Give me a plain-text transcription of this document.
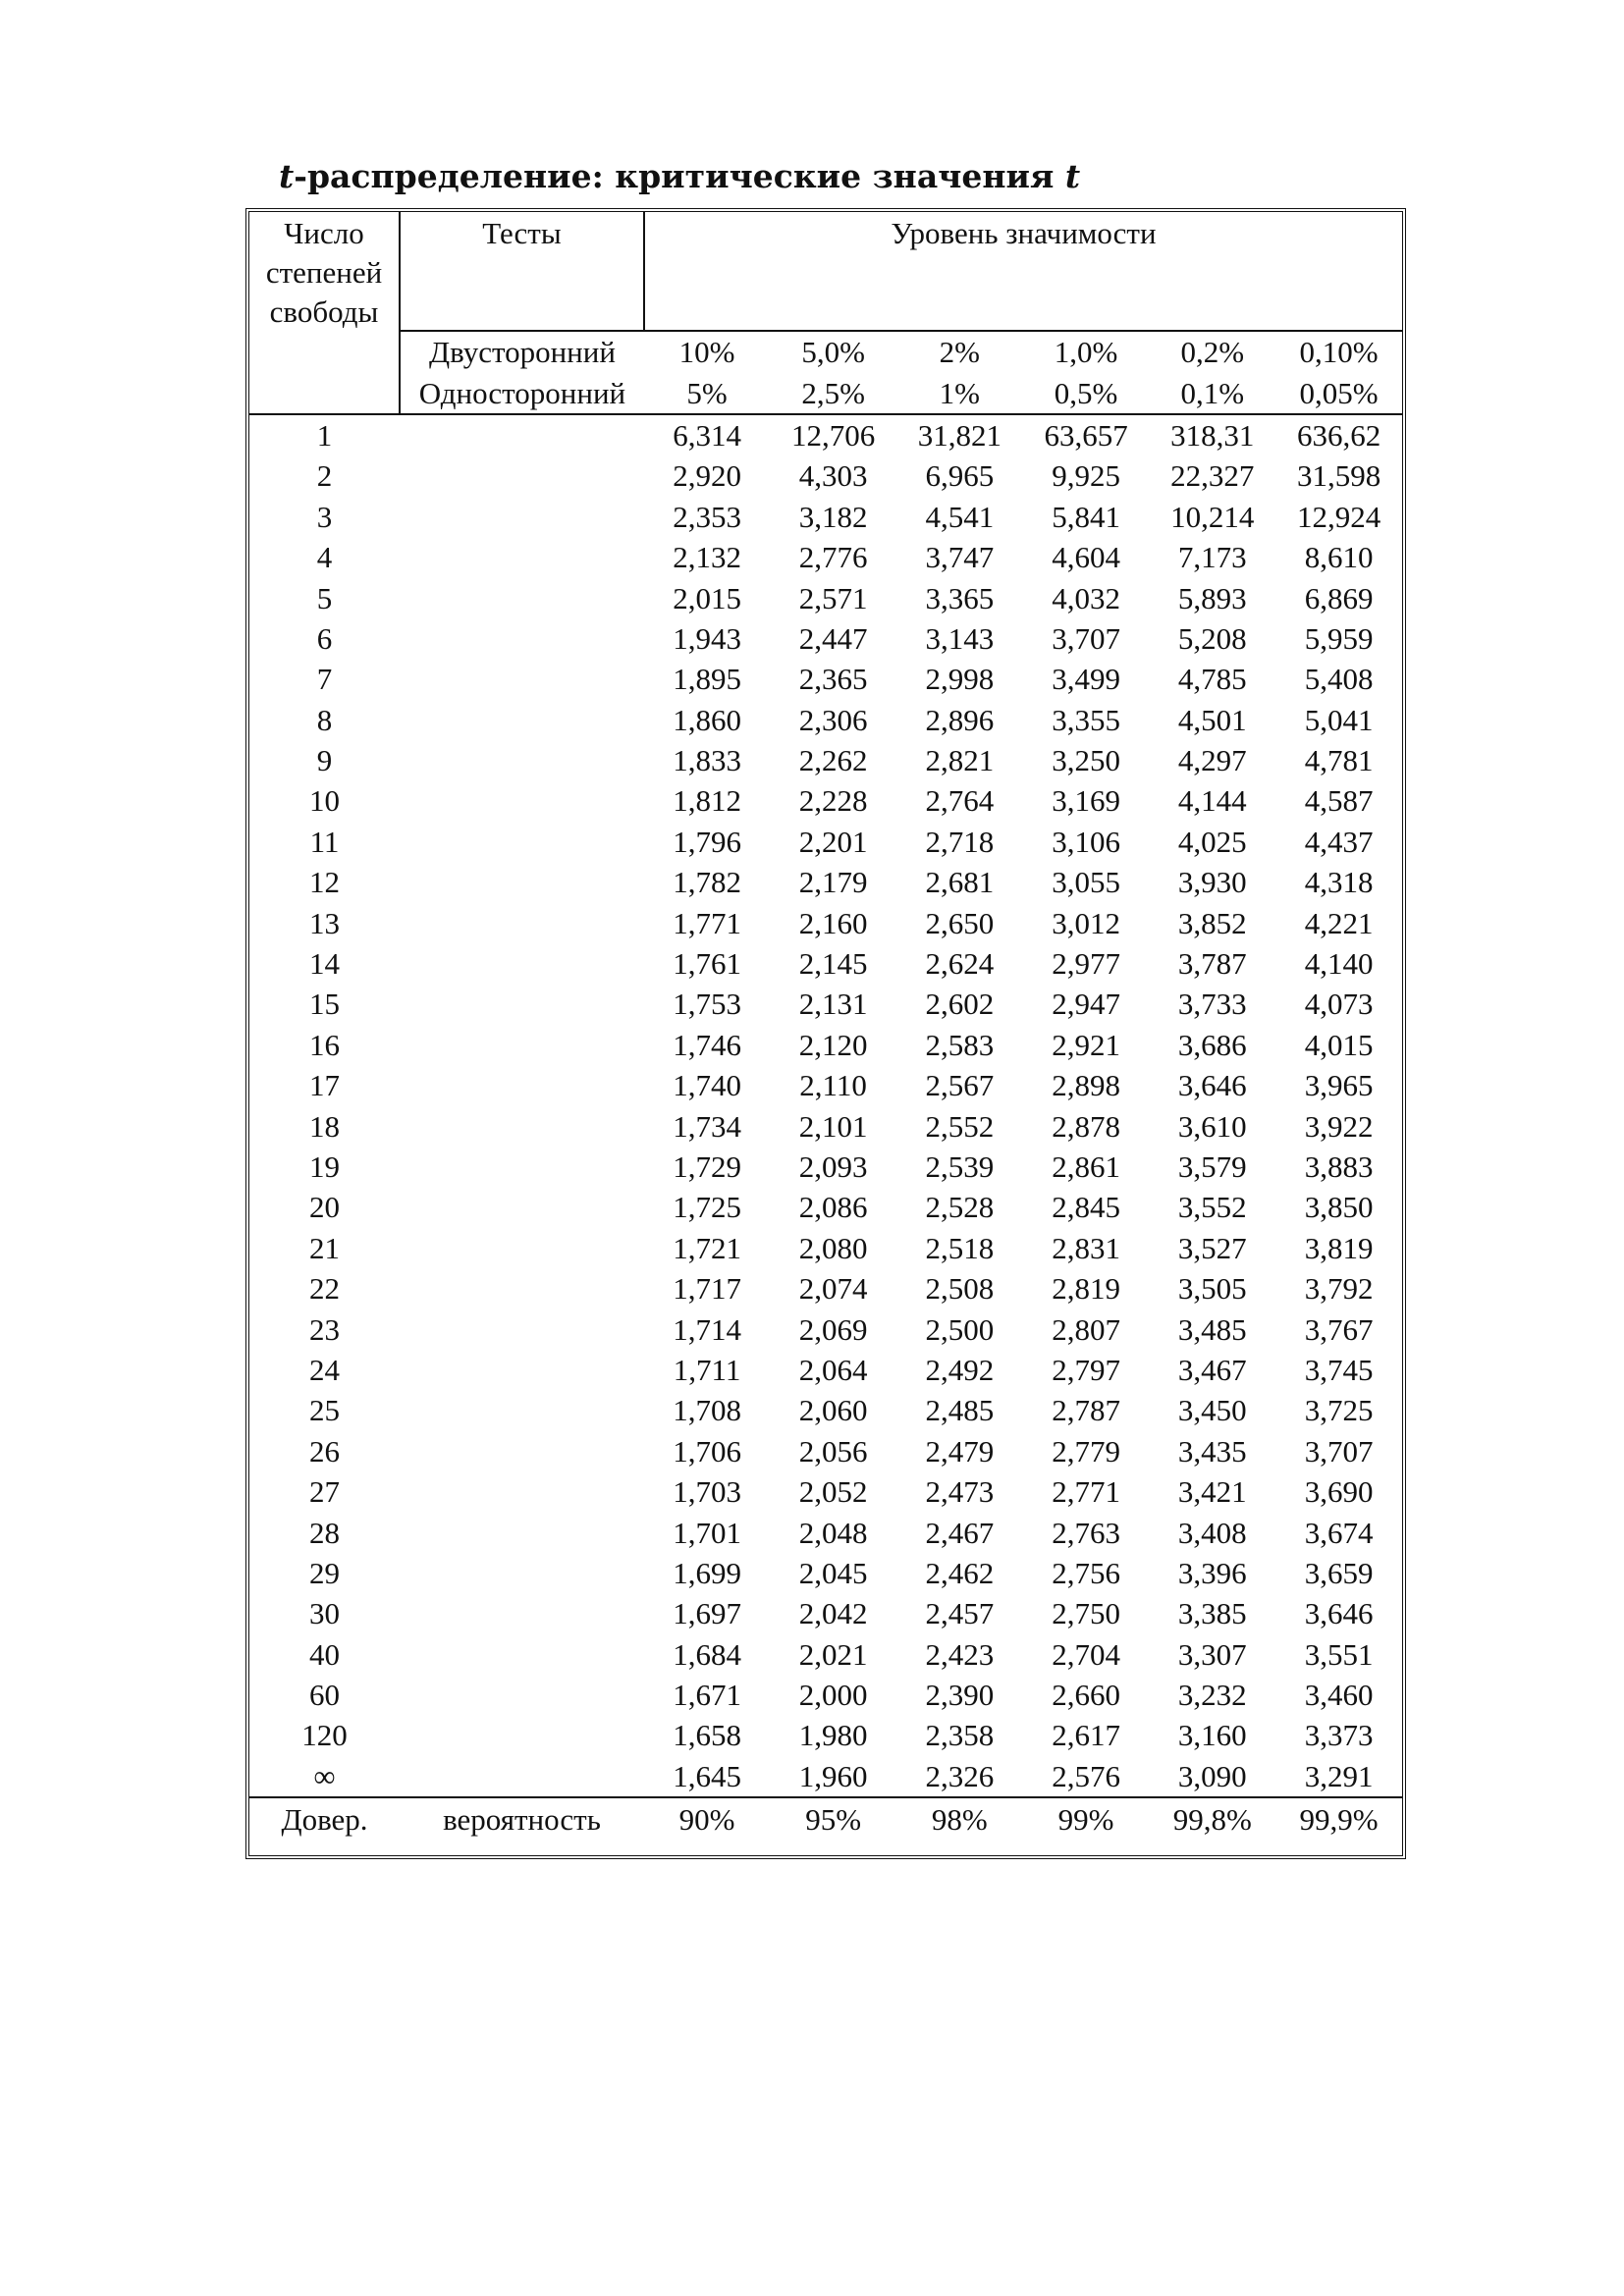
t-распределение: критические значения t
Число
степеней
свободы	Тесты	Уровень значимости					
	Двусторонний	10%	5,0%	2%	1,0%	0,2%	0,10%
	Односторонний	5%	2,5%	1%	0,5%	0,1%	0,05%
1		6,314	12,706	31,821	63,657	318,31	636,62
2		2,920	4,303	6,965	9,925	22,327	31,598
3		2,353	3,182	4,541	5,841	10,214	12,924
4		2,132	2,776	3,747	4,604	7,173	8,610
5		2,015	2,571	3,365	4,032	5,893	6,869
6		1,943	2,447	3,143	3,707	5,208	5,959
7		1,895	2,365	2,998	3,499	4,785	5,408
8		1,860	2,306	2,896	3,355	4,501	5,041
9		1,833	2,262	2,821	3,250	4,297	4,781
10		1,812	2,228	2,764	3,169	4,144	4,587
11		1,796	2,201	2,718	3,106	4,025	4,437
12		1,782	2,179	2,681	3,055	3,930	4,318
13		1,771	2,160	2,650	3,012	3,852	4,221
14		1,761	2,145	2,624	2,977	3,787	4,140
15		1,753	2,131	2,602	2,947	3,733	4,073
16		1,746	2,120	2,583	2,921	3,686	4,015
17		1,740	2,110	2,567	2,898	3,646	3,965
18		1,734	2,101	2,552	2,878	3,610	3,922
19		1,729	2,093	2,539	2,861	3,579	3,883
20		1,725	2,086	2,528	2,845	3,552	3,850
21		1,721	2,080	2,518	2,831	3,527	3,819
22		1,717	2,074	2,508	2,819	3,505	3,792
23		1,714	2,069	2,500	2,807	3,485	3,767
24		1,711	2,064	2,492	2,797	3,467	3,745
25		1,708	2,060	2,485	2,787	3,450	3,725
26		1,706	2,056	2,479	2,779	3,435	3,707
27		1,703	2,052	2,473	2,771	3,421	3,690
28		1,701	2,048	2,467	2,763	3,408	3,674
29		1,699	2,045	2,462	2,756	3,396	3,659
30		1,697	2,042	2,457	2,750	3,385	3,646
40		1,684	2,021	2,423	2,704	3,307	3,551
60		1,671	2,000	2,390	2,660	3,232	3,460
120		1,658	1,980	2,358	2,617	3,160	3,373
∞		1,645	1,960	2,326	2,576	3,090	3,291
Довер.	вероятность	90%	95%	98%	99%	99,8%	99,9%
